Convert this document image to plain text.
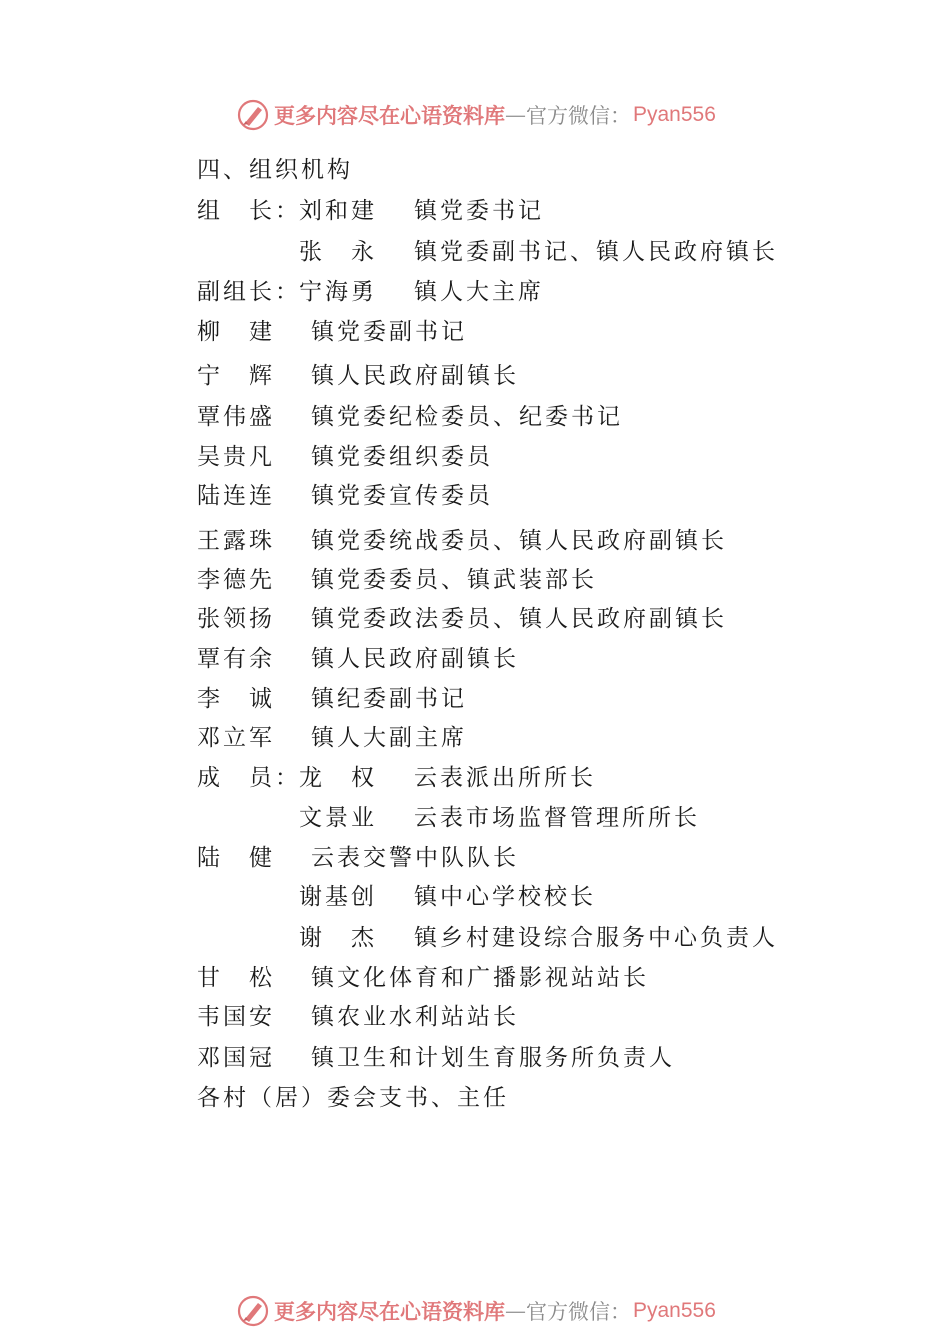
更多内容尽在心语资料库 — 官方微信： Pyan556
四、组织机构
组　长：
刘和建 镇党委书记
张　永 镇党委副书记、镇人民政府镇长
副组长：
宁海勇 镇人大主席
柳　建 镇党委副书记
宁　辉 镇人民政府副镇长
覃伟盛 镇党委纪检委员、纪委书记
吴贵凡 镇党委组织委员
陆连连 镇党委宣传委员
王露珠 镇党委统战委员、镇人民政府副镇长
李德先 镇党委委员、镇武装部长
张领扬 镇党委政法委员、镇人民政府副镇长
覃有余 镇人民政府副镇长
李　诚 镇纪委副书记
邓立军 镇人大副主席
成　员：
龙　权 云表派出所所长
文景业 云表市场监督管理所所长
陆　健 云表交警中队队长
谢基创 镇中心学校校长
谢　杰 镇乡村建设综合服务中心负责人
甘　松 镇文化体育和广播影视站站长
韦国安 镇农业水利站站长
邓国冠 镇卫生和计划生育服务所负责人
各村（居）委会支书、主任
更多内容尽在心语资料库 — 官方微信： Pyan556
